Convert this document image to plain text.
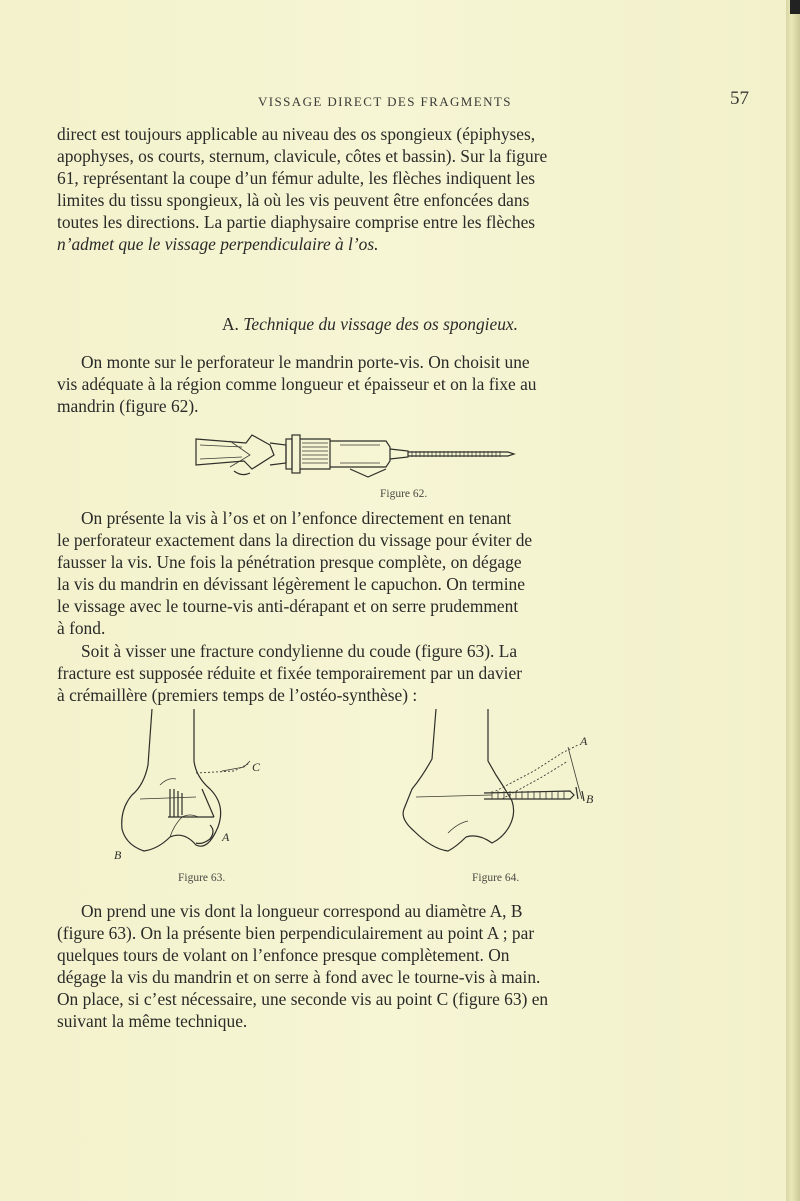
VISSAGE DIRECT DES FRAGMENTS	57

direct est toujours applicable au niveau des os spongieux (épiphyses,

apophyses, os courts, sternum, clavicule, côtes et bassin). Sur la figure

61, représentant la coupe d’un fémur adulte, les flèches indiquent les

limites du tissu spongieux, là où les vis peuvent être enfoncées dans

toutes les directions. La partie diaphysaire comprise entre les flèches

n’admet que le vissage perpendiculaire à l’os.

A. Technique du vissage des os spongieux.

On monte sur le perforateur le mandrin porte-vis. On choisit une

vis adéquate à la région comme longueur et épaisseur et on la fixe au

mandrin (figure 62).

Figure 62.

On présente la vis à l’os et on l’enfonce directement en tenant

le perforateur exactement dans la direction du vissage pour éviter de

fausser la vis. Une fois la pénétration presque complète, on dégage

la vis du mandrin en dévissant légèrement le capuchon. On termine

le vissage avec le tourne-vis anti-dérapant et on serre prudemment

à fond.

Soit à visser une fracture condylienne du coude (figure 63). La

fracture est supposée réduite et fixée temporairement par un davier

à crémaillère (premiers temps de l’ostéo-synthèse) :

C
A
B
Figure 63.
A
B
Figure 64.

On prend une vis dont la longueur correspond au diamètre A, B

(figure 63). On la présente bien perpendiculairement au point A ; par

quelques tours de volant on l’enfonce presque complètement. On

dégage la vis du mandrin et on serre à fond avec le tourne-vis à main.

On place, si c’est nécessaire, une seconde vis au point C (figure 63) en

suivant la même technique.
